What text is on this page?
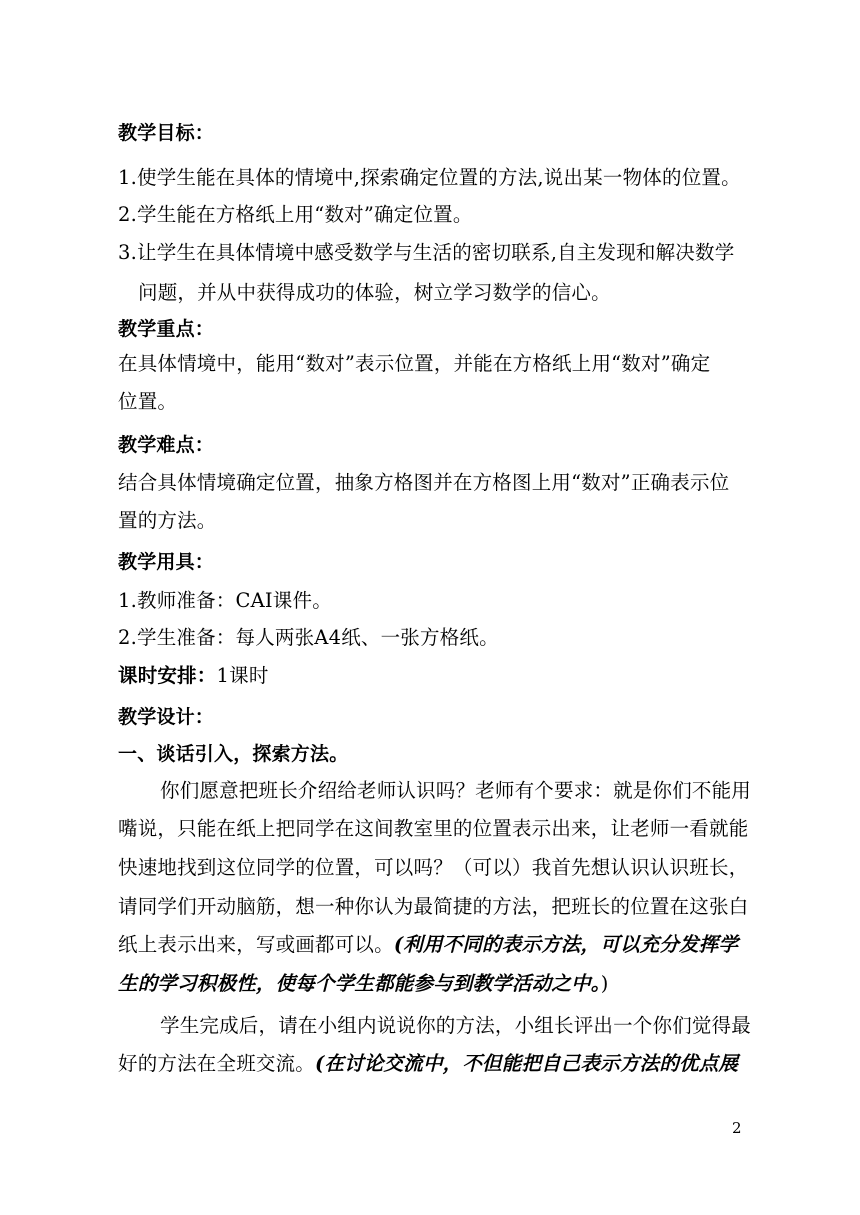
教学目标：
1.使学生能在具体的情境中,探索确定位置的方法,说出某一物体的位置。
2.学生能在方格纸上用“数对”确定位置。
3.让学生在具体情境中感受数学与生活的密切联系,自主发现和解决数学
问题，并从中获得成功的体验，树立学习数学的信心。
教学重点：
在具体情境中，能用“数对”表示位置，并能在方格纸上用“数对”确定
位置。
教学难点：
结合具体情境确定位置，抽象方格图并在方格图上用“数对”正确表示位
置的方法。
教学用具：
1.教师准备：CAI课件。
2.学生准备：每人两张A4纸、一张方格纸。
课时安排：1课时
教学设计：
一、谈话引入，探索方法。
你们愿意把班长介绍给老师认识吗？老师有个要求：就是你们不能用
嘴说，只能在纸上把同学在这间教室里的位置表示出来，让老师一看就能
快速地找到这位同学的位置，可以吗？（可以）我首先想认识认识班长，
请同学们开动脑筋，想一种你认为最简捷的方法，把班长的位置在这张白
纸上表示出来，写或画都可以。(利用不同的表示方法，可以充分发挥学
生的学习积极性，使每个学生都能参与到教学活动之中。)
学生完成后，请在小组内说说你的方法，小组长评出一个你们觉得最
好的方法在全班交流。(在讨论交流中，不但能把自己表示方法的优点展
2
